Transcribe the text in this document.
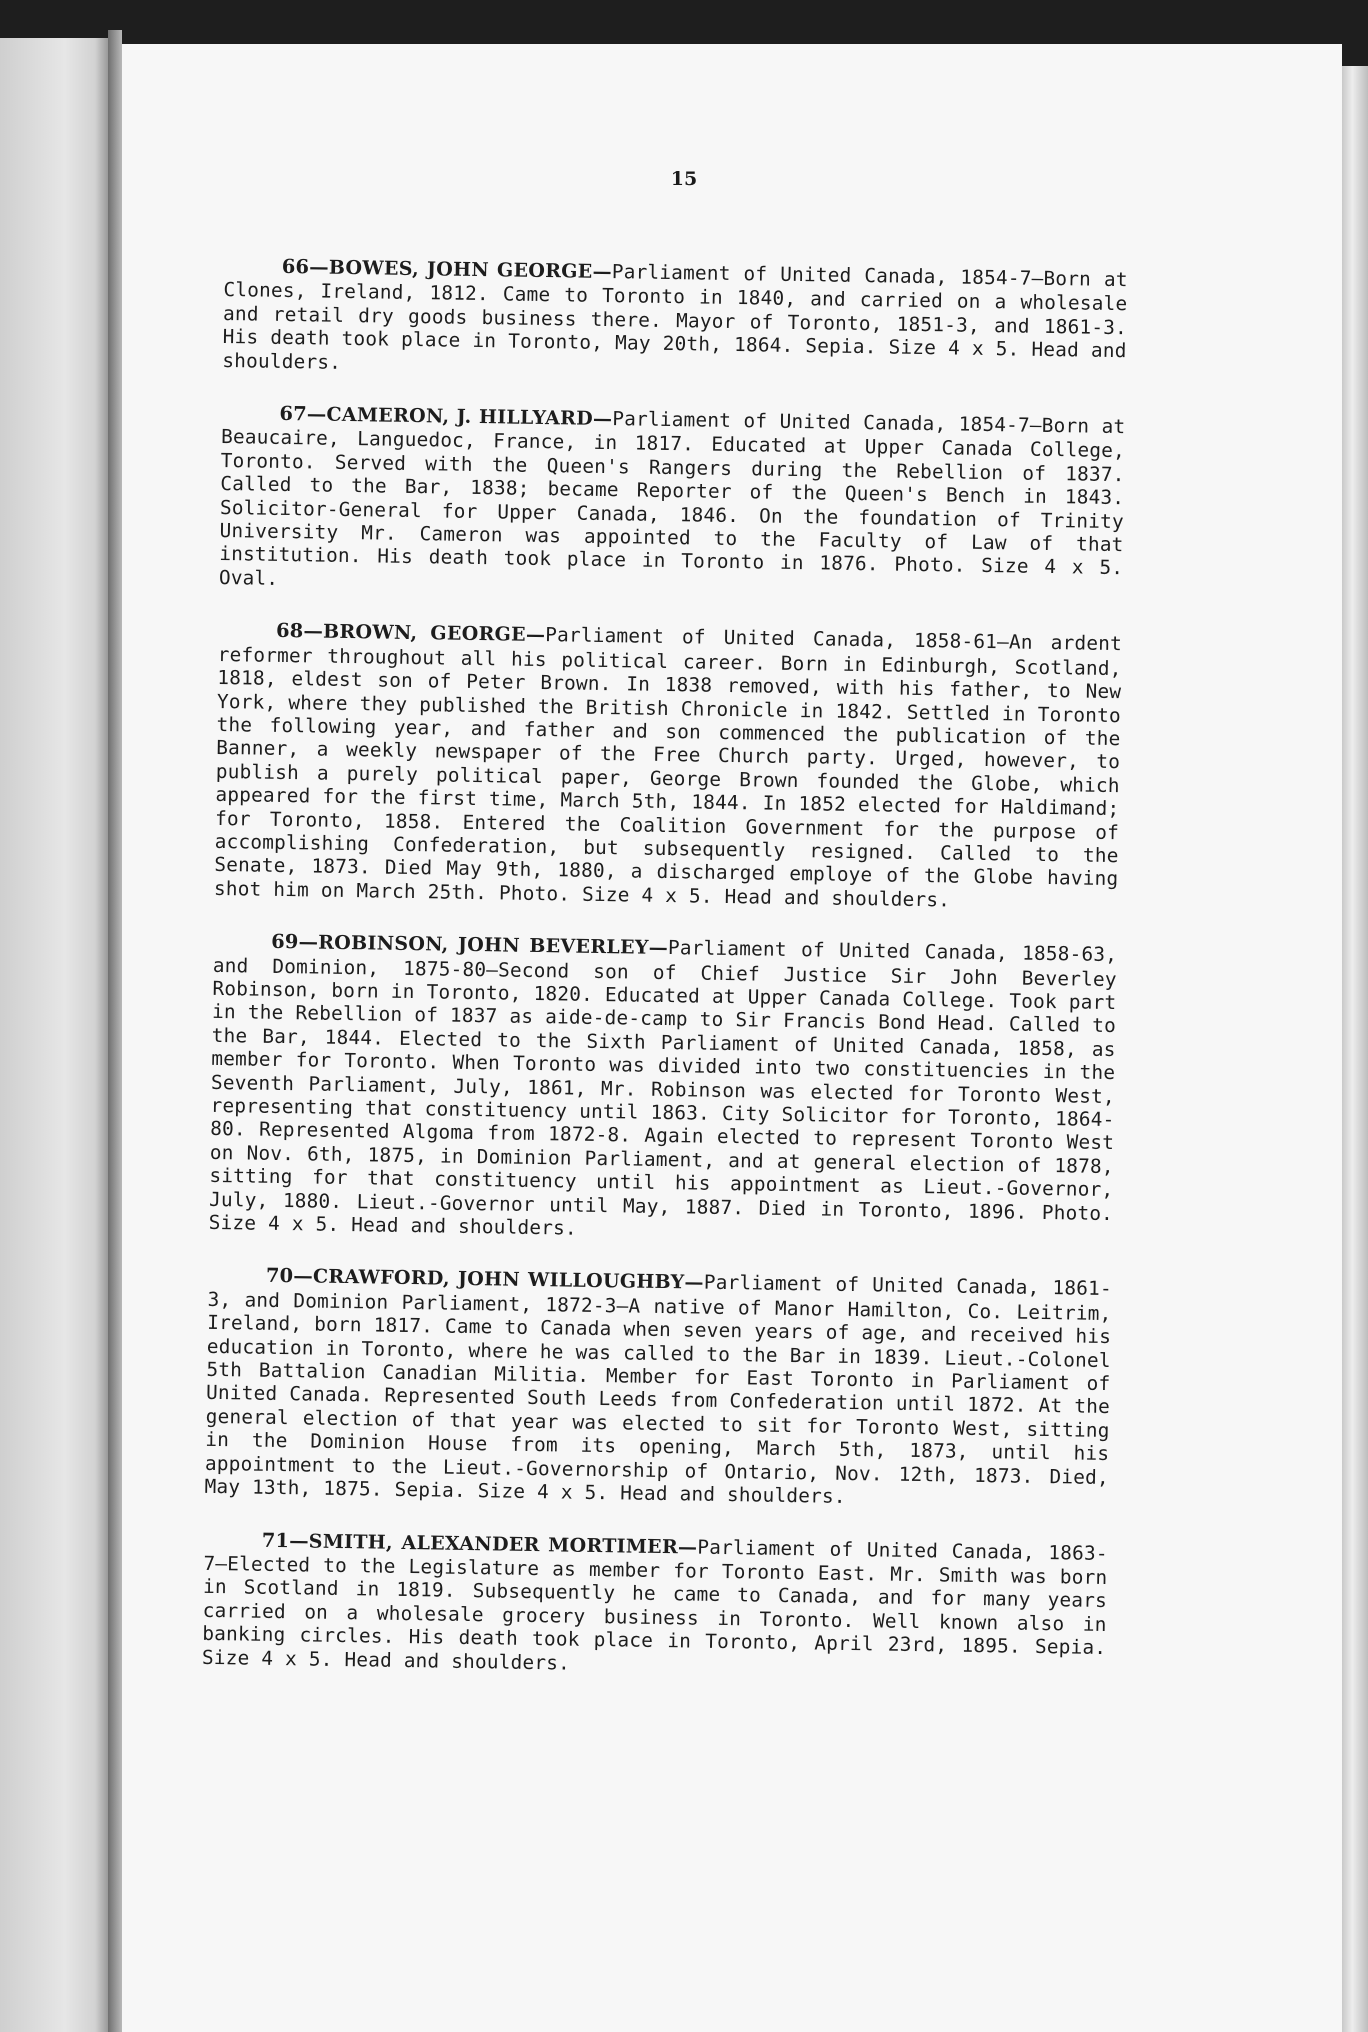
15

66—BOWES, JOHN GEORGE—Parliament of United Canada, 1854-7—Born at Clones, Ireland, 1812. Came to Toronto in 1840, and carried on a wholesale and retail dry goods business there. Mayor of Toronto, 1851-3, and 1861-3. His death took place in Toronto, May 20th, 1864. Sepia. Size 4 x 5. Head and shoulders.

67—CAMERON, J. HILLYARD—Parliament of United Canada, 1854-7—Born at Beaucaire, Languedoc, France, in 1817. Educated at Upper Canada College, Toronto. Served with the Queen's Rangers during the Rebellion of 1837. Called to the Bar, 1838; became Reporter of the Queen's Bench in 1843. Solicitor-General for Upper Canada, 1846. On the foundation of Trinity University Mr. Cameron was appointed to the Faculty of Law of that institution. His death took place in Toronto in 1876. Photo. Size 4 x 5. Oval.

68—BROWN, GEORGE—Parliament of United Canada, 1858-61—An ardent reformer throughout all his political career. Born in Edinburgh, Scotland, 1818, eldest son of Peter Brown. In 1838 removed, with his father, to New York, where they published the British Chronicle in 1842. Settled in Toronto the following year, and father and son commenced the publication of the Banner, a weekly newspaper of the Free Church party. Urged, however, to publish a purely political paper, George Brown founded the Globe, which appeared for the first time, March 5th, 1844. In 1852 elected for Haldimand; for Toronto, 1858. Entered the Coalition Government for the purpose of accomplishing Confederation, but subsequently resigned. Called to the Senate, 1873. Died May 9th, 1880, a discharged employe of the Globe having shot him on March 25th. Photo. Size 4 x 5. Head and shoulders.

69—ROBINSON, JOHN BEVERLEY—Parliament of United Canada, 1858-63, and Dominion, 1875-80—Second son of Chief Justice Sir John Beverley Robinson, born in Toronto, 1820. Educated at Upper Canada College. Took part in the Rebellion of 1837 as aide-de-camp to Sir Francis Bond Head. Called to the Bar, 1844. Elected to the Sixth Parliament of United Canada, 1858, as member for Toronto. When Toronto was divided into two constituencies in the Seventh Parliament, July, 1861, Mr. Robinson was elected for Toronto West, representing that constituency until 1863. City Solicitor for Toronto, 1864-80. Represented Algoma from 1872-8. Again elected to represent Toronto West on Nov. 6th, 1875, in Dominion Parliament, and at general election of 1878, sitting for that constituency until his appointment as Lieut.-Governor, July, 1880. Lieut.-Governor until May, 1887. Died in Toronto, 1896. Photo. Size 4 x 5. Head and shoulders.

70—CRAWFORD, JOHN WILLOUGHBY—Parliament of United Canada, 1861-3, and Dominion Parliament, 1872-3—A native of Manor Hamilton, Co. Leitrim, Ireland, born 1817. Came to Canada when seven years of age, and received his education in Toronto, where he was called to the Bar in 1839. Lieut.-Colonel 5th Battalion Canadian Militia. Member for East Toronto in Parliament of United Canada. Represented South Leeds from Confederation until 1872. At the general election of that year was elected to sit for Toronto West, sitting in the Dominion House from its opening, March 5th, 1873, until his appointment to the Lieut.-Governorship of Ontario, Nov. 12th, 1873. Died, May 13th, 1875. Sepia. Size 4 x 5. Head and shoulders.

71—SMITH, ALEXANDER MORTIMER—Parliament of United Canada, 1863-7—Elected to the Legislature as member for Toronto East. Mr. Smith was born in Scotland in 1819. Subsequently he came to Canada, and for many years carried on a wholesale grocery business in Toronto. Well known also in banking circles. His death took place in Toronto, April 23rd, 1895. Sepia. Size 4 x 5. Head and shoulders.
